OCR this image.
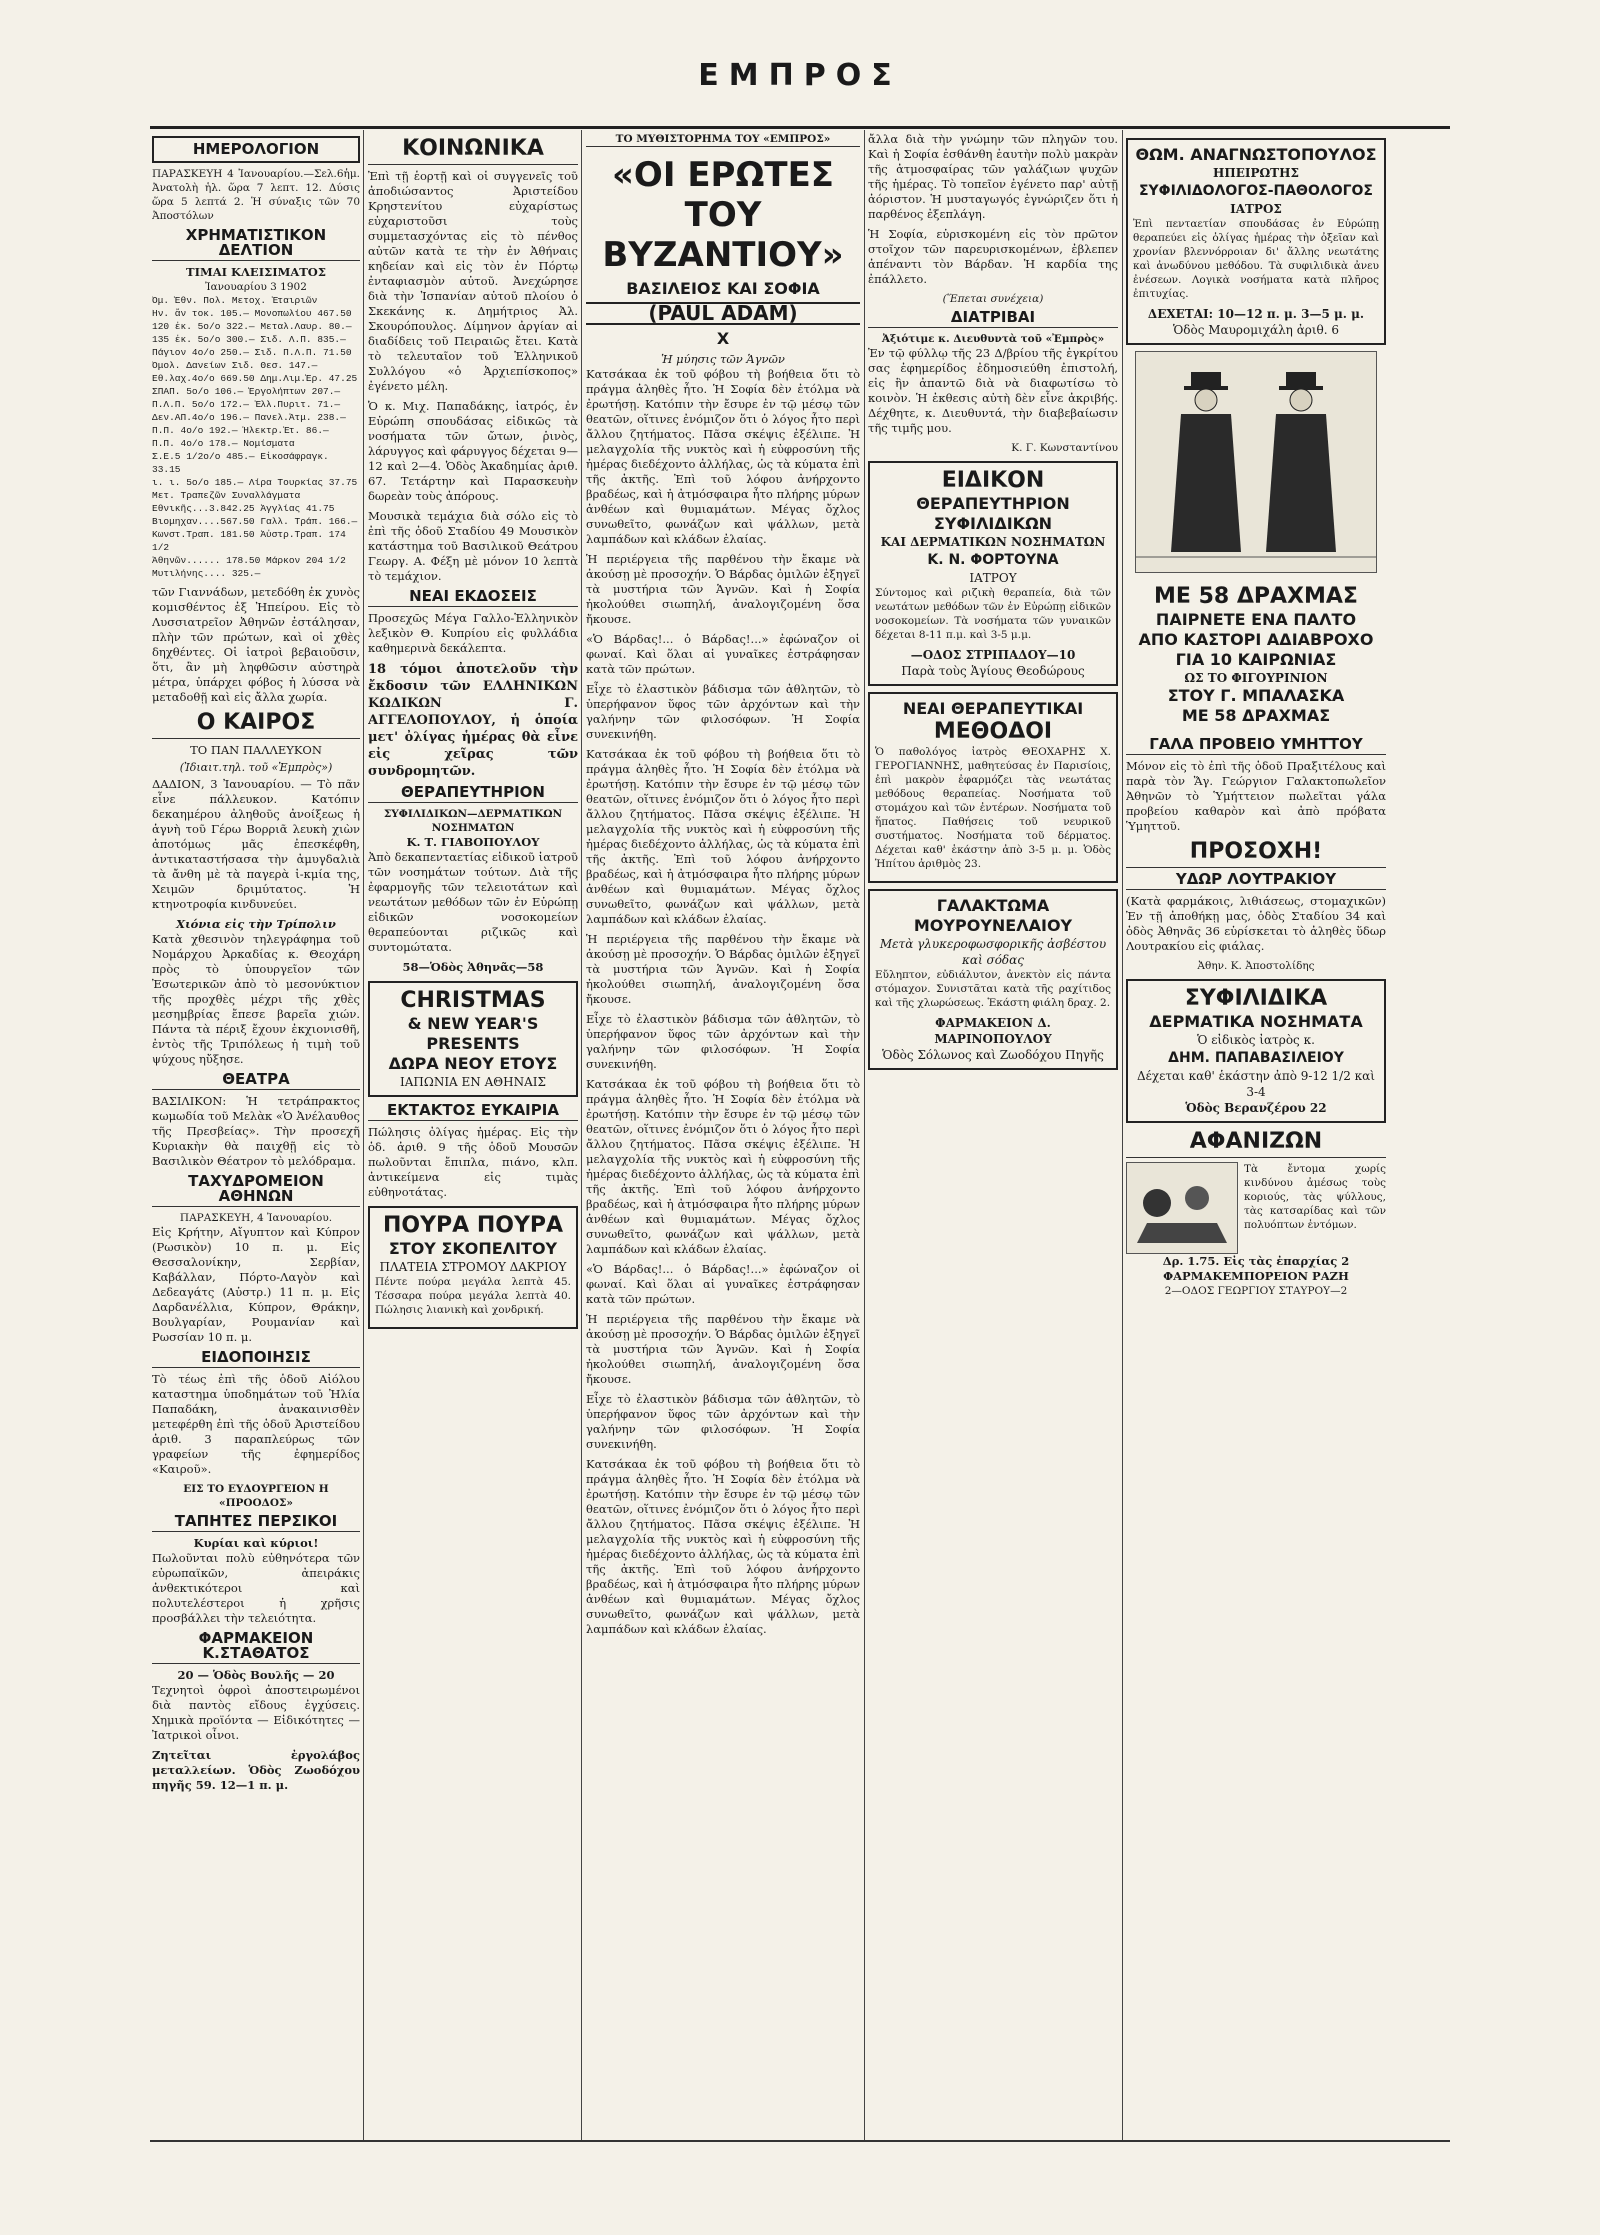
ΕΜΠΡΟΣ
ΗΜΕΡΟΛΟΓΙΟΝ

ΠΑΡΑΣΚΕΥΗ 4 Ἰανουαρίου.—Σελ.6ἡμ. Ἀνατολὴ ἡλ. ὥρα 7 λεπτ. 12. Δύσις ὥρα 5 λεπτά 2. Ἡ σύναξις τῶν 70 Ἀποστόλων

ΧΡΗΜΑΤΙΣΤΙΚΟΝ ΔΕΛΤΙΟΝ
ΤΙΜΑΙ ΚΛΕΙΣΙΜΑΤΟΣ
Ἰανουαρίου 3 1902
Ὁμ. Ἐθν. Πολ. Μετοχ. Ἑταιριῶν
Ἠν. ἄν τοκ. 105.— Μονοπωλίου 467.50
120 ἐκ. 5ο/ο 322.— Μεταλ.Λαυρ. 80.—
135 ἐκ. 5ο/ο 300.— Σιδ. Λ.Π. 835.—
Πάγιον 4ο/ο 250.— Σιδ. Π.Λ.Π. 71.50
Ὁμολ. Δανείων Σιδ. Θεσ. 147.—
Ἐθ.λαχ.4ο/ο 669.50 Δημ.Λιμ.Ἐρ. 47.25
ΣΠΑΠ. 5ο/ο 106.— Ἐργολήπτων 207.—
Π.Λ.Π. 5ο/ο 172.— Ἑλλ.Πυριτ. 71.—
Δεν.ΑΠ.4ο/ο 196.— Πανελ.Ἀτμ. 238.—
Π.Π. 4ο/ο 192.— Ἠλεκτρ.Ἑτ. 86.—
Π.Π. 4ο/ο 178.— Νομίσματα
Σ.Ε.5 1/2ο/ο 485.— Εἰκοσάφραγκ. 33.15
ι. ι. 5ο/ο 185.— Λίρα Τουρκίας 37.75
Μετ. Τραπεζῶν Συναλλάγματα
Ἐθνικῆς...3.842.25 Ἀγγλίας 41.75
Βιομηχαν....567.50 Γαλλ. Τράπ. 166.—
Κωνστ.Τραπ. 181.50 Ἀὐστρ.Τραπ. 174 1/2
Ἀθηνῶν...... 178.50 Μάρκον 204 1/2
Μυτιλήνης.... 325.—

τῶν Γιαννάδων, μετεδόθη ἐκ χυνὸς κομισθέντος ἐξ Ἠπείρου. Εἰς τὸ Λυσσιατρεῖον Ἀθηνῶν ἐστάλησαν, πλὴν τῶν πρώτων, καὶ οἱ χθὲς δηχθέντες. Οἱ ἰατροὶ βεβαιοῦσιν, ὅτι, ἂν μὴ ληφθῶσιν αὐστηρὰ μέτρα, ὑπάρχει φόβος ἡ λύσσα νὰ μεταδοθῇ καὶ εἰς ἄλλα χωρία.

Ο ΚΑΙΡΟΣ
ΤΟ ΠΑΝ ΠΑΛΛΕΥΚΟΝ
(Ἰδιαιτ.τηλ. τοῦ «Ἐμπρὸς»)

ΔΑΔΙΟΝ, 3 Ἰανουαρίου. — Τὸ πᾶν εἶνε πάλλευκον. Κατόπιν δεκαημέρου ἀληθοῦς ἀνοίξεως ἡ ἁγνὴ τοῦ Γέρω Βορριᾶ λευκὴ χιὼν ἀποτόμως μᾶς ἐπεσκέφθη, ἀντικαταστήσασα τὴν ἀμυγδαλιὰ τὰ ἄνθη μὲ τὰ παγερὰ ἰ-κμία της, Χειμῶν δριμύτατος. Ἡ κτηνοτροφία κινδυνεύει.

Χιόνια εἰς τὴν Τρίπολιν

Κατὰ χθεσινὸν τηλεγράφημα τοῦ Νομάρχου Ἀρκαδίας κ. Θεοχάρη πρὸς τὸ ὑπουργεῖον τῶν Ἐσωτερικῶν ἀπὸ τὸ μεσονύκτιον τῆς προχθὲς μέχρι τῆς χθὲς μεσημβρίας ἔπεσε βαρεῖα χιών. Πάντα τὰ πέριξ ἔχουν ἐκχιονισθῆ, ἐντὸς τῆς Τριπόλεως ἡ τιμὴ τοῦ ψύχους ηὔξησε.

ΘΕΑΤΡΑ

ΒΑΣΙΛΙΚΟΝ: Ἡ τετράπρακτος κωμωδία τοῦ Μελὰκ «Ὁ Ἀνέλαυθος τῆς Πρεσβείας». Τὴν προσεχῆ Κυριακὴν θὰ παιχθῇ εἰς τὸ Βασιλικὸν Θέατρον τὸ μελόδραμα.

ΤΑΧΥΔΡΟΜΕΙΟΝ ΑΘΗΝΩΝ
ΠΑΡΑΣΚΕΥΗ, 4 Ἰανουαρίου.

Εἰς Κρήτην, Αἴγυπτον καὶ Κύπρον (Ρωσικὸν) 10 π. μ. Εἰς Θεσσαλονίκην, Σερβίαν, Καβάλλαν, Πόρτο-Λαγὸν καὶ Δεδεαγάτς (Αὐστρ.) 11 π. μ. Εἰς Δαρδανέλλια, Κύπρον, Θράκην, Βουλγαρίαν, Ρουμανίαν καὶ Ρωσσίαν 10 π. μ.

ΕΙΔΟΠΟΙΗΣΙΣ

Τὸ τέως ἐπὶ τῆς ὁδοῦ Αἰόλου καταστημα ὑποδημάτων τοῦ Ἠλία Παπαδάκη, ἀνακαινισθὲν μετεφέρθη ἐπὶ τῆς ὁδοῦ Ἀριστείδου ἀριθ. 3 παραπλεύρως τῶν γραφείων τῆς ἐφημερίδος «Καιροῦ».

ΕΙΣ ΤΟ ΕΥΔΟΥΡΓΕΙΟΝ Η «ΠΡΟΟΔΟΣ»
ΤΑΠΗΤΕΣ ΠΕΡΣΙΚΟΙ
Κυρίαι καὶ κύριοι!

Πωλοῦνται πολὺ εὐθηνότερα τῶν εὐρωπαϊκῶν, ἀπειράκις ἀνθεκτικότεροι καὶ πολυτελέστεροι ἡ χρῆσις προσβάλλει τὴν τελειότητα.

ΦΑΡΜΑΚΕΙΟΝ Κ.ΣΤΑΘΑΤΟΣ
20 — Ὁδὸς Βουλῆς — 20

Τεχνητοὶ ὀφροὶ ἀποστειρωμένοι διὰ παντὸς εἴδους ἐγχύσεις. Χημικὰ προϊόντα — Εἰδικότητες — Ἰατρικοὶ οἶνοι.

Ζητεῖται ἐργολάβος μεταλλείων. Ὁδὸς Ζωοδόχου πηγῆς 59. 12—1 π. μ.

ΚΟΙΝΩΝΙΚΑ

Ἐπὶ τῇ ἑορτῇ καὶ οἱ συγγενεῖς τοῦ ἀποδιώσαντος Ἀριστείδου Κρηστενίτου εὐχαρίστως εὐχαριστοῦσι τοὺς συμμετασχόντας εἰς τὸ πένθος αὐτῶν κατὰ τε τὴν ἐν Ἀθήναις κηδείαν καὶ εἰς τὸν ἐν Πόρτῳ ἐνταφιασμὸν αὐτοῦ. Ἀνεχώρησε διὰ τὴν Ἰσπανίαν αὐτοῦ πλοίου ὁ Σκεκάνης κ. Δημήτριος Ἀλ. Σκουρόπουλος. Δίμηνον ἀργίαν αἰ διαδίδεις τοῦ Πειραιῶς ἔτει. Κατὰ τὸ τελευταῖον τοῦ Ἑλληνικοῦ Συλλόγου «ὁ Ἀρχιεπίσκοπος» ἐγένετο μέλη.

Ὁ κ. Μιχ. Παπαδάκης, ἰατρός, ἐν Εὐρώπη σπουδάσας εἰδικῶς τὰ νοσήματα τῶν ὤτων, ῥινὸς, λάρυγγος καὶ φάρυγγος δέχεται 9—12 καὶ 2—4. Ὁδὸς Ἀκαδημίας ἀριθ. 67. Τετάρτην καὶ Παρασκευὴν δωρεὰν τοὺς ἀπόρους.

Μουσικὰ τεμάχια διὰ σόλο εἰς τὸ ἐπὶ τῆς ὁδοῦ Σταδίου 49 Μουσικὸν κατάστημα τοῦ Βασιλικοῦ Θεάτρου Γεωργ. Α. Φέξη μὲ μόνον 10 λεπτὰ τὸ τεμάχιον.

ΝΕΑΙ ΕΚΔΟΣΕΙΣ

Προσεχῶς Μέγα Γαλλο-Ἑλληνικὸν λεξικὸν Θ. Κυπρίου εἰς φυλλάδια καθημερινὰ δεκάλεπτα.

18 τόμοι ἀποτελοῦν τὴν ἔκδοσιν τῶν ΕΛΛΗΝΙΚΩΝ ΚΩΔΙΚΩΝ Γ. ΑΓΓΕΛΟΠΟΥΛΟΥ, ἡ ὁποία μετ' ὀλίγας ἡμέρας θὰ εἶνε εἰς χεῖρας τῶν συνδρομητῶν.

ΘΕΡΑΠΕΥΤΗΡΙΟΝ
ΣΥΦΙΛΙΔΙΚΩΝ—ΔΕΡΜΑΤΙΚΩΝ ΝΟΣΗΜΑΤΩΝ
Κ. Τ. ΓΙΑΒΟΠΟΥΛΟΥ

Ἀπὸ δεκαπενταετίας εἰδικοῦ ἰατροῦ τῶν νοσημάτων τούτων. Διὰ τῆς ἐφαρμογῆς τῶν τελειοτάτων καὶ νεωτάτων μεθόδων τῶν ἐν Εὐρώπῃ εἰδικῶν νοσοκομείων θεραπεύονται ριζικῶς καὶ συντομώτατα.

58—Ὁδὸς Ἀθηνᾶς—58
CHRISTMAS
& NEW YEAR'S PRESENTS
ΔΩΡΑ ΝΕΟΥ ΕΤΟΥΣ
ΙΑΠΩΝΙΑ ΕΝ ΑΘΗΝΑΙΣ
ΕΚΤΑΚΤΟΣ ΕΥΚΑΙΡΙΑ

Πώλησις ὀλίγας ἡμέρας. Εἰς τὴν ὁδ. ἀριθ. 9 τῆς ὁδοῦ Μουσῶν πωλοῦνται ἔπιπλα, πιάνο, κλπ. ἀντικείμενα εἰς τιμὰς εὐθηνοτάτας.

ΠΟΥΡΑ ΠΟΥΡΑ
ΣΤΟΥ ΣΚΟΠΕΛΙΤΟΥ
ΠΛΑΤΕΙΑ ΣΤΡΟΜΟΥ ΔΑΚΡΙΟΥ

Πέντε πούρα μεγάλα λεπτὰ 45. Τέσσαρα πούρα μεγάλα λεπτὰ 40. Πώλησις λιανικὴ καὶ χονδρική.

ΤΟ ΜΥΘΙΣΤΟΡΗΜΑ ΤΟΥ «ΕΜΠΡΟΣ»
«ΟΙ ΕΡΩΤΕΣ
ΤΟΥ ΒΥΖΑΝΤΙΟΥ»
ΒΑΣΙΛΕΙΟΣ ΚΑΙ ΣΟΦΙΑ
(PAUL ADAM)
Χ
Ἡ μύησις τῶν Ἁγνῶν

Κατσάκαα ἐκ τοῦ φόβου τὴ βοήθεια ὅτι τὸ πράγμα ἀληθὲς ἦτο. Ἡ Σοφία δὲν ἐτόλμα νὰ ἐρωτήσῃ. Κατόπιν τὴν ἔσυρε ἐν τῷ μέσῳ τῶν θεατῶν, οἵτινες ἐνόμιζον ὅτι ὁ λόγος ἦτο περὶ ἄλλου ζητήματος. Πᾶσα σκέψις ἐξέλιπε. Ἡ μελαγχολία τῆς νυκτὸς καὶ ἡ εὐφροσύνη τῆς ἡμέρας διεδέχοντο ἀλλήλας, ὡς τὰ κύματα ἐπὶ τῆς ἀκτῆς. Ἐπὶ τοῦ λόφου ἀνήρχοντο βραδέως, καὶ ἡ ἀτμόσφαιρα ἦτο πλήρης μύρων ἀνθέων καὶ θυμιαμάτων. Μέγας ὄχλος συνωθεῖτο, φωνάζων καὶ ψάλλων, μετὰ λαμπάδων καὶ κλάδων ἐλαίας.

Ἡ περιέργεια τῆς παρθένου τὴν ἔκαμε νὰ ἀκούσῃ μὲ προσοχήν. Ὁ Βάρδας ὁμιλῶν ἐξηγεῖ τὰ μυστήρια τῶν Ἁγνῶν. Καὶ ἡ Σοφία ἠκολούθει σιωπηλή, ἀναλογιζομένη ὅσα ἤκουσε.

«Ὁ Βάρδας!... ὁ Βάρδας!...» ἐφώναζον οἱ φωναί. Καὶ ὅλαι αἱ γυναῖκες ἐστράφησαν κατὰ τῶν πρώτων.

Εἶχε τὸ ἐλαστικὸν βάδισμα τῶν ἀθλητῶν, τὸ ὑπερήφανον ὕφος τῶν ἀρχόντων καὶ τὴν γαλήνην τῶν φιλοσόφων. Ἡ Σοφία συνεκινήθη.

Κατσάκαα ἐκ τοῦ φόβου τὴ βοήθεια ὅτι τὸ πράγμα ἀληθὲς ἦτο. Ἡ Σοφία δὲν ἐτόλμα νὰ ἐρωτήσῃ. Κατόπιν τὴν ἔσυρε ἐν τῷ μέσῳ τῶν θεατῶν, οἵτινες ἐνόμιζον ὅτι ὁ λόγος ἦτο περὶ ἄλλου ζητήματος. Πᾶσα σκέψις ἐξέλιπε. Ἡ μελαγχολία τῆς νυκτὸς καὶ ἡ εὐφροσύνη τῆς ἡμέρας διεδέχοντο ἀλλήλας, ὡς τὰ κύματα ἐπὶ τῆς ἀκτῆς. Ἐπὶ τοῦ λόφου ἀνήρχοντο βραδέως, καὶ ἡ ἀτμόσφαιρα ἦτο πλήρης μύρων ἀνθέων καὶ θυμιαμάτων. Μέγας ὄχλος συνωθεῖτο, φωνάζων καὶ ψάλλων, μετὰ λαμπάδων καὶ κλάδων ἐλαίας.

Ἡ περιέργεια τῆς παρθένου τὴν ἔκαμε νὰ ἀκούσῃ μὲ προσοχήν. Ὁ Βάρδας ὁμιλῶν ἐξηγεῖ τὰ μυστήρια τῶν Ἁγνῶν. Καὶ ἡ Σοφία ἠκολούθει σιωπηλή, ἀναλογιζομένη ὅσα ἤκουσε.

Εἶχε τὸ ἐλαστικὸν βάδισμα τῶν ἀθλητῶν, τὸ ὑπερήφανον ὕφος τῶν ἀρχόντων καὶ τὴν γαλήνην τῶν φιλοσόφων. Ἡ Σοφία συνεκινήθη.

Κατσάκαα ἐκ τοῦ φόβου τὴ βοήθεια ὅτι τὸ πράγμα ἀληθὲς ἦτο. Ἡ Σοφία δὲν ἐτόλμα νὰ ἐρωτήσῃ. Κατόπιν τὴν ἔσυρε ἐν τῷ μέσῳ τῶν θεατῶν, οἵτινες ἐνόμιζον ὅτι ὁ λόγος ἦτο περὶ ἄλλου ζητήματος. Πᾶσα σκέψις ἐξέλιπε. Ἡ μελαγχολία τῆς νυκτὸς καὶ ἡ εὐφροσύνη τῆς ἡμέρας διεδέχοντο ἀλλήλας, ὡς τὰ κύματα ἐπὶ τῆς ἀκτῆς. Ἐπὶ τοῦ λόφου ἀνήρχοντο βραδέως, καὶ ἡ ἀτμόσφαιρα ἦτο πλήρης μύρων ἀνθέων καὶ θυμιαμάτων. Μέγας ὄχλος συνωθεῖτο, φωνάζων καὶ ψάλλων, μετὰ λαμπάδων καὶ κλάδων ἐλαίας.

«Ὁ Βάρδας!... ὁ Βάρδας!...» ἐφώναζον οἱ φωναί. Καὶ ὅλαι αἱ γυναῖκες ἐστράφησαν κατὰ τῶν πρώτων.

Ἡ περιέργεια τῆς παρθένου τὴν ἔκαμε νὰ ἀκούσῃ μὲ προσοχήν. Ὁ Βάρδας ὁμιλῶν ἐξηγεῖ τὰ μυστήρια τῶν Ἁγνῶν. Καὶ ἡ Σοφία ἠκολούθει σιωπηλή, ἀναλογιζομένη ὅσα ἤκουσε.

Εἶχε τὸ ἐλαστικὸν βάδισμα τῶν ἀθλητῶν, τὸ ὑπερήφανον ὕφος τῶν ἀρχόντων καὶ τὴν γαλήνην τῶν φιλοσόφων. Ἡ Σοφία συνεκινήθη.

Κατσάκαα ἐκ τοῦ φόβου τὴ βοήθεια ὅτι τὸ πράγμα ἀληθὲς ἦτο. Ἡ Σοφία δὲν ἐτόλμα νὰ ἐρωτήσῃ. Κατόπιν τὴν ἔσυρε ἐν τῷ μέσῳ τῶν θεατῶν, οἵτινες ἐνόμιζον ὅτι ὁ λόγος ἦτο περὶ ἄλλου ζητήματος. Πᾶσα σκέψις ἐξέλιπε. Ἡ μελαγχολία τῆς νυκτὸς καὶ ἡ εὐφροσύνη τῆς ἡμέρας διεδέχοντο ἀλλήλας, ὡς τὰ κύματα ἐπὶ τῆς ἀκτῆς. Ἐπὶ τοῦ λόφου ἀνήρχοντο βραδέως, καὶ ἡ ἀτμόσφαιρα ἦτο πλήρης μύρων ἀνθέων καὶ θυμιαμάτων. Μέγας ὄχλος συνωθεῖτο, φωνάζων καὶ ψάλλων, μετὰ λαμπάδων καὶ κλάδων ἐλαίας.

ἄλλα διὰ τὴν γνώμην τῶν πληγῶν του. Καὶ ἡ Σοφία ἐσθάνθη ἑαυτὴν πολὺ μακρὰν τῆς ἀτμοσφαίρας τῶν γαλάζιων ψυχῶν τῆς ἡμέρας. Τὸ τοπεῖον ἐγένετο παρ' αὐτῇ ἀόριστον. Ἡ μυσταγωγός ἐγνώριζεν ὅτι ἡ παρθένος ἐξεπλάγη.

Ἡ Σοφία, εὐρισκομένη εἰς τὸν πρῶτον στοῖχον τῶν παρευρισκομένων, ἐβλεπεν ἀπέναντι τὸν Βάρδαν. Ἡ καρδία της ἐπάλλετο.

(Ἕπεται συνέχεια)
ΔΙΑΤΡΙΒΑΙ
Ἀξιότιμε κ. Διευθυντὰ τοῦ «Ἐμπρὸς»

Ἐν τῷ φύλλῳ τῆς 23 Δ/βρίου τῆς ἐγκρίτου σας ἐφημερίδος ἐδημοσιεύθη ἐπιστολή, εἰς ἣν ἀπαντῶ διὰ νὰ διαφωτίσω τὸ κοινὸν. Ἡ ἐκθεσις αὐτὴ δὲν εἶνε ἀκριβής. Δέχθητε, κ. Διευθυντά, τὴν διαβεβαίωσιν τῆς τιμῆς μου.

Κ. Γ. Κωνσταντίνου
ΕΙΔΙΚΟΝ
ΘΕΡΑΠΕΥΤΗΡΙΟΝ
ΣΥΦΙΛΙΔΙΚΩΝ
ΚΑΙ ΔΕΡΜΑΤΙΚΩΝ ΝΟΣΗΜΑΤΩΝ
Κ. Ν. ΦΟΡΤΟΥΝΑ
ΙΑΤΡΟΥ

Σύντομος καὶ ριζικὴ θεραπεία, διὰ τῶν νεωτάτων μεθόδων τῶν ἐν Εὐρώπῃ εἰδικῶν νοσοκομείων. Τὰ νοσήματα τῶν γυναικῶν δέχεται 8-11 π.μ. καὶ 3-5 μ.μ.

—ΟΔΟΣ ΣΤΡΙΠΑΔΟΥ—10
Παρὰ τοὺς Ἁγίους Θεοδώρους
ΝΕΑΙ ΘΕΡΑΠΕΥΤΙΚΑΙ
ΜΕΘΟΔΟΙ

Ὁ παθολόγος ἰατρὸς ΘΕΟΧΑΡΗΣ Χ. ΓΕΡΟΓΙΑΝΝΗΣ, μαθητεύσας ἐν Παρισίοις, ἐπὶ μακρὸν ἐφαρμόζει τὰς νεωτάτας μεθόδους θεραπείας. Νοσήματα τοῦ στομάχου καὶ τῶν ἐντέρων. Νοσήματα τοῦ ἥπατος. Παθήσεις τοῦ νευρικοῦ συστήματος. Νοσήματα τοῦ δέρματος. Δέχεται καθ' ἑκάστην ἀπὸ 3-5 μ. μ. Ὁδὸς Ἡπίτου ἀριθμὸς 23.

ΓΑΛΑΚΤΩΜΑ ΜΟΥΡΟΥΝΕΛΑΙΟΥ
Μετὰ γλυκεροφωσφορικῆς ἀσβέστου καὶ σόδας

Εὔληπτον, εὐδιάλυτον, ἀνεκτὸν εἰς πάντα στόμαχον. Συνιστᾶται κατὰ τῆς ραχίτιδος καὶ τῆς χλωρώσεως. Ἑκάστη φιάλη δραχ. 2.

ΦΑΡΜΑΚΕΙΟΝ Δ. ΜΑΡΙΝΟΠΟΥΛΟΥ
Ὁδὸς Σόλωνος καὶ Ζωοδόχου Πηγῆς
ΘΩΜ. ΑΝΑΓΝΩΣΤΟΠΟΥΛΟΣ
ΗΠΕΙΡΩΤΗΣ
ΣΥΦΙΛΙΔΟΛΟΓΟΣ-ΠΑΘΟΛΟΓΟΣ
ΙΑΤΡΟΣ

Ἐπὶ πενταετίαν σπουδάσας ἐν Εὐρώπῃ θεραπεύει εἰς ὀλίγας ἡμέρας τὴν ὀξεῖαν καὶ χρονίαν βλεννόρροιαν δι' ἄλλης νεωτάτης καὶ ἀνωδύνου μεθόδου. Τὰ συφιλιδικὰ ἀνευ ἐνέσεων. Λογικὰ νοσήματα κατὰ πλῆρος ἐπιτυχίας.

ΔΕΧΕΤΑΙ: 10—12 π. μ. 3—5 μ. μ.
Ὁδὸς Μαυρομιχάλη ἀριθ. 6
ΜΕ 58 ΔΡΑΧΜΑΣ
ΠΑΙΡΝΕΤΕ ΕΝΑ ΠΑΛΤΟ
ΑΠΟ ΚΑΣΤΟΡΙ ΑΔΙΑΒΡΟΧΟ
ΓΙΑ 10 ΚΑΙΡΩΝΙΑΣ
ΩΣ ΤΟ ΦΙΓΟΥΡΙΝΙΟΝ
ΣΤΟΥ Γ. ΜΠΑΛΑΣΚΑ
ΜΕ 58 ΔΡΑΧΜΑΣ
ΓΑΛΑ ΠΡΟΒΕΙΟ ΥΜΗΤΤΟΥ

Μόνον εἰς τὸ ἐπὶ τῆς ὁδοῦ Πραξιτέλους καὶ παρὰ τὸν Ἅγ. Γεώργιον Γαλακτοπωλεῖον Ἀθηνῶν τὸ Ὑμήττειον πωλεῖται γάλα προβείου καθαρὸν καὶ ἀπὸ πρόβατα Ὑμηττοῦ.

ΠΡΟΣΟΧΗ!
ΥΔΩΡ ΛΟΥΤΡΑΚΙΟΥ

(Κατὰ φαρμάκοις, λιθιάσεως, στομαχικῶν) Ἐν τῇ ἀποθήκῃ μας, ὁδὸς Σταδίου 34 καὶ ὁδὸς Ἀθηνᾶς 36 εὑρίσκεται τὸ ἀληθὲς ὕδωρ Λουτρακίου εἰς φιάλας.

Ἀθην. Κ. Ἀποστολίδης
ΣΥΦΙΛΙΔΙΚΑ
ΔΕΡΜΑΤΙΚΑ ΝΟΣΗΜΑΤΑ
Ὁ εἰδικὸς ἰατρὸς κ.
ΔΗΜ. ΠΑΠΑΒΑΣΙΛΕΙΟΥ
Δέχεται καθ' ἑκάστην ἀπὸ 9-12 1/2 καὶ 3-4
Ὁδὸς Βερανζέρου 22
ΑΦΑΝΙΖΩΝ

Τὰ ἔντομα χωρίς κινδύνου ἀμέσως τοὺς κοριούς, τὰς ψύλλους, τὰς κατσαρίδας καὶ τῶν πολυόπτων ἐντόμων.

Δρ. 1.75. Εἰς τὰς ἐπαρχίας 2
ΦΑΡΜΑΚΕΜΠΟΡΕΙΟΝ ΡΑΖΗ
2—ΟΔΟΣ ΓΕΩΡΓΙΟΥ ΣΤΑΥΡΟΥ—2
